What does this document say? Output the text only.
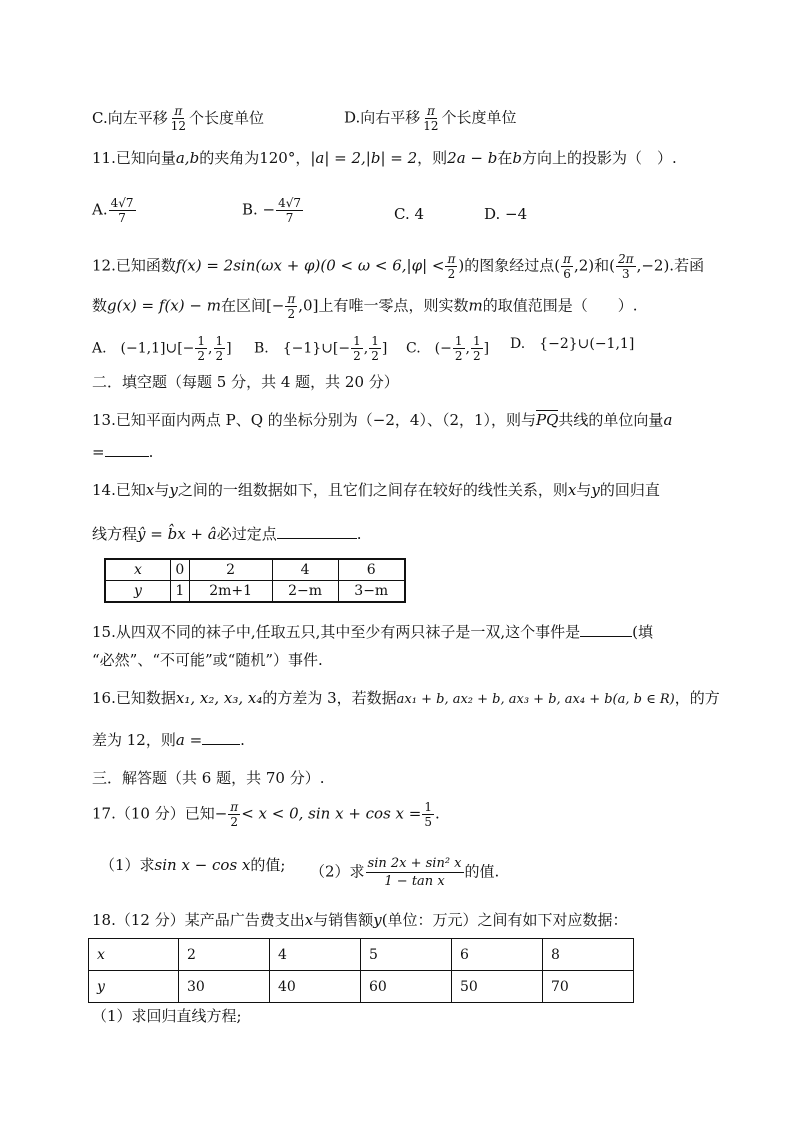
C.向左平移 $\frac{\pi}{12}$ 个长度单位	D.向右平移 $\frac{\pi}{12}$ 个长度单位
11.已知向量a,b的夹角为120°，|a| = 2,|b| = 2，则2a − b在b方向上的投影为（　）.
A. $\frac{4√7}{7}$	B. − $\frac{4√7}{7}$	C. 4	D. −4
12.已知函数$f(x) = 2\sin(\omega x + \varphi)(0 < \omega < 6,|\varphi| < \frac{\pi}{2}$ )的图象经过点( $\frac{\pi}{6} ,2$)和( $\frac{2\pi}{3} ,-2$).若函
数g(x) = f(x) − m在区间[− $\frac{\pi}{2} ,0$]上有唯一零点，则实数m的取值范围是（　　）.
A.　(−1,1]∪[− $\frac{1}{2}$ , $\frac{1}{2}$ ] B.　{−1}∪[− $\frac{1}{2}$ , $\frac{1}{2}$ ] C.　(− $\frac{1}{2}$ , $\frac{1}{2}$ ] D.　{−2}∪(−1,1]
二．填空题（每题 5 分，共 4 题，共 20 分）
13.已知平面内两点 P、Q 的坐标分别为（−2，4）、（2，1），则与PQ共线的单位向量a
=	.
14.已知x与y之间的一组数据如下，且它们之间存在较好的线性关系，则x与y的回归直
线方程ŷ = b̂x + â必过定点	.
x	0	2	4	6
y	1	2m+1	2−m	3−m
15.从四双不同的袜子中,任取五只,其中至少有两只袜子是一双,这个事件是	(填
“必然”、“不可能”或“随机”）事件.
16.已知数据x₁, x₂, x₃, x₄的方差为 3，若数据ax₁ + b, ax₂ + b, ax₃ + b, ax₄ + b(a, b ∈ R)，的方
差为 12，则a =	.
三．解答题（共 6 题，共 70 分）.
17.（10 分）已知− $\frac{\pi}{2} < x < 0$, $\sin x + \cos x = \frac{1}{5}$ .
（1）求sin x − cos x的值; （2）求 $\frac{\text{sin 2x + sin² x}}{\text{1 − tan x}}$ 的值.
18.（12 分）某产品广告费支出x与销售额y(单位：万元）之间有如下对应数据：
x	2	4	5	6	8
y	30	40	60	50	70
（1）求回归直线方程;
